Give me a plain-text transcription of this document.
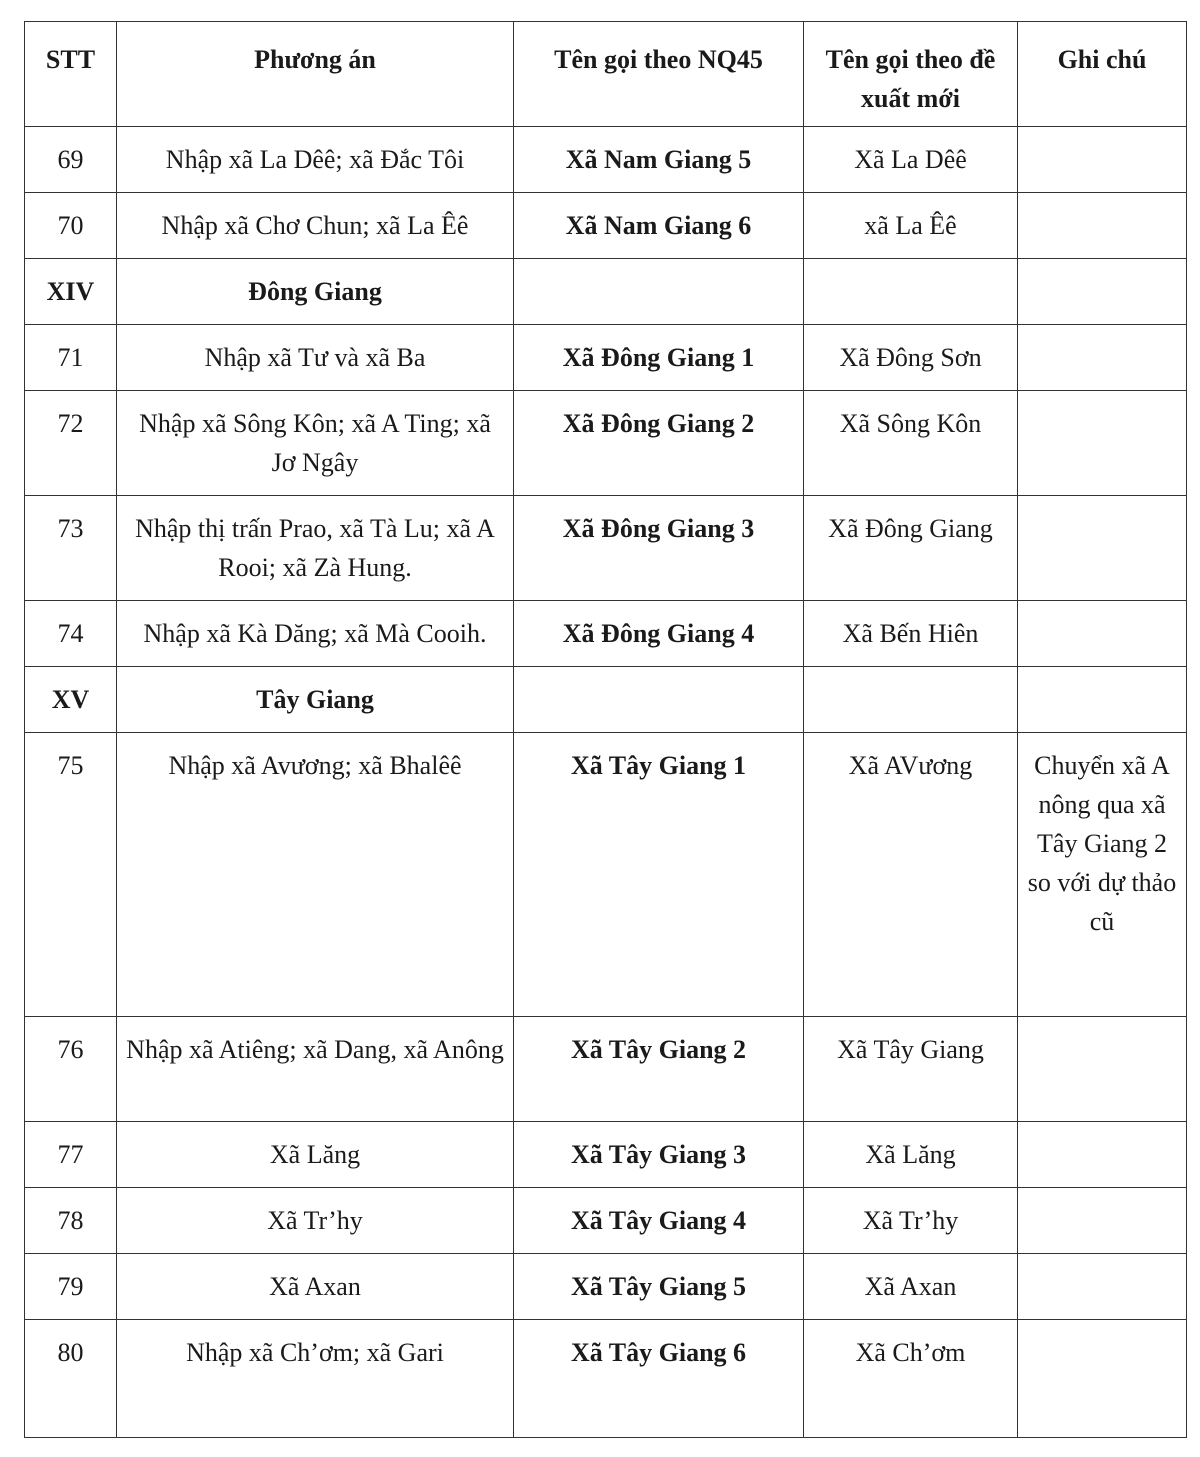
STT	Phương án	Tên gọi theo NQ45	Tên gọi theo đề xuất mới	Ghi chú
69	Nhập xã La Dêê; xã Đắc Tôi	Xã Nam Giang 5	Xã La Dêê	
70	Nhập xã Chơ Chun; xã La Êê	Xã Nam Giang 6	xã La Êê	
XIV	Đông Giang			
71	Nhập xã Tư và xã Ba	Xã Đông Giang 1	Xã Đông Sơn	
72	Nhập xã Sông Kôn; xã A Ting; xã Jơ Ngây	Xã Đông Giang 2	Xã Sông Kôn	
73	Nhập thị trấn Prao, xã Tà Lu; xã A Rooi; xã Zà Hung.	Xã Đông Giang 3	Xã Đông Giang	
74	Nhập xã Kà Dăng; xã Mà Cooih.	Xã Đông Giang 4	Xã Bến Hiên	
XV	Tây Giang			
75	Nhập xã Avương; xã Bhalêê	Xã Tây Giang 1	Xã AVương	Chuyển xã A nông qua xã Tây Giang 2 so với dự thảo cũ
76	Nhập xã Atiêng; xã Dang, xã Anông	Xã Tây Giang 2	Xã Tây Giang	
77	Xã Lăng	Xã Tây Giang 3	Xã Lăng	
78	Xã Tr’hy	Xã Tây Giang 4	Xã Tr’hy	
79	Xã Axan	Xã Tây Giang 5	Xã Axan	
80	Nhập xã Ch’ơm; xã Gari	Xã Tây Giang 6	Xã Ch’ơm	
